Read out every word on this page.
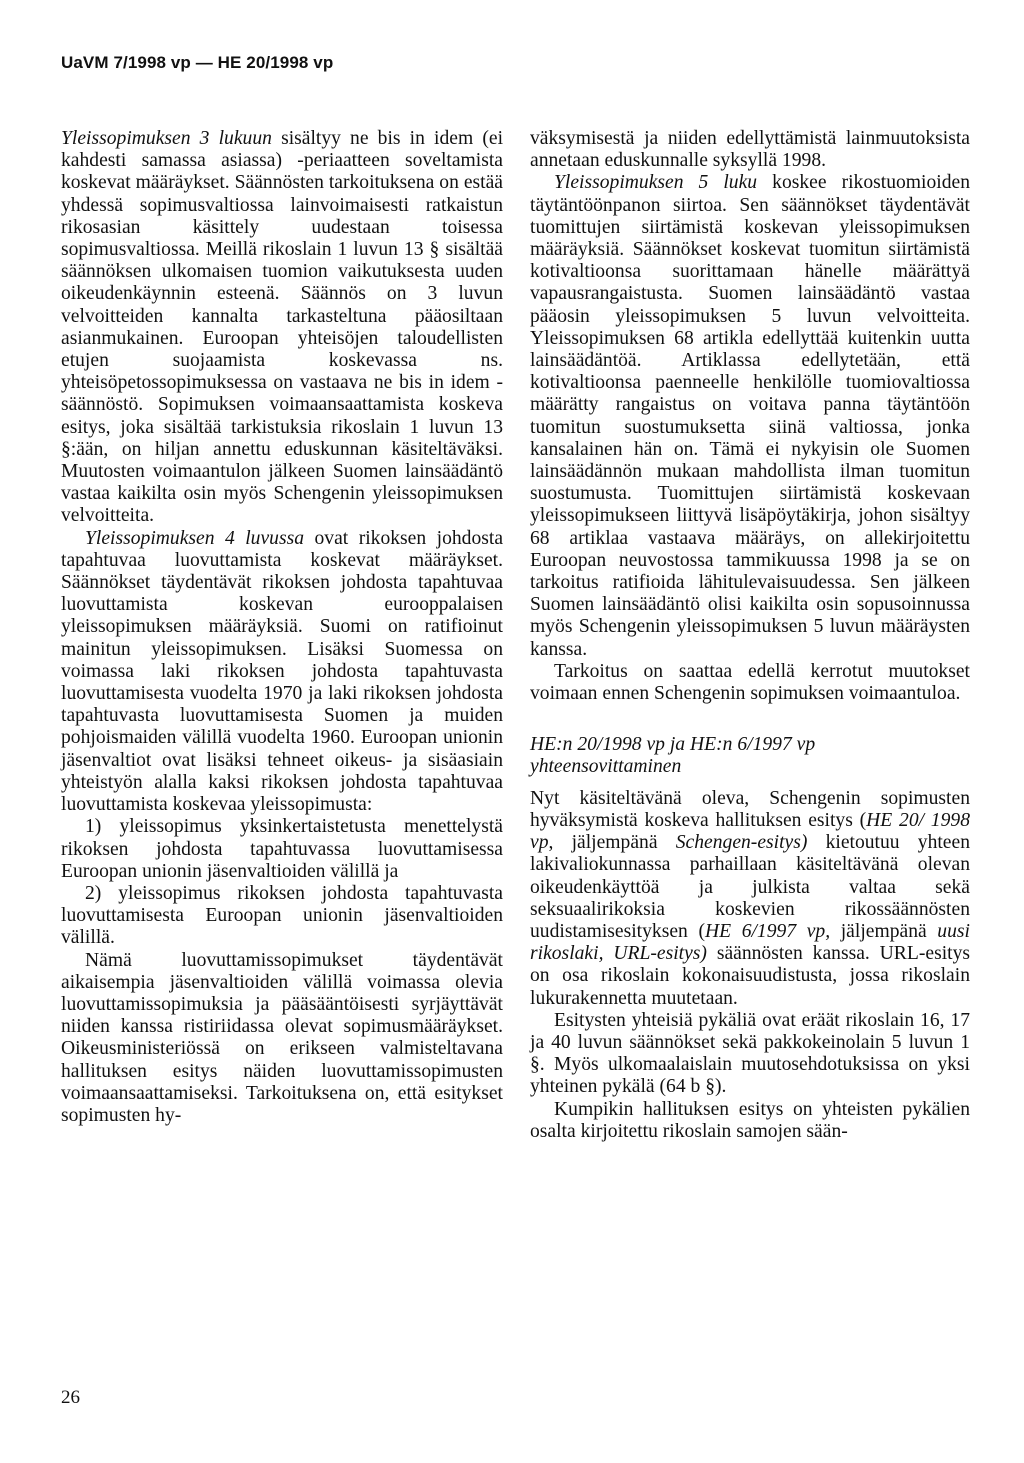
UaVM 7/1998 vp — HE 20/1998 vp

Yleissopimuksen 3 lukuun sisältyy ne bis in idem (ei kahdesti samassa asiassa) -periaatteen soveltamista koskevat määräykset. Säännösten tarkoituksena on estää yhdessä sopimusvaltiossa lainvoimaisesti ratkaistun rikosasian käsittely uudestaan toisessa sopimusvaltiossa. Meillä rikoslain 1 luvun 13 § sisältää säännöksen ulkomaisen tuomion vaikutuksesta uuden oikeudenkäynnin esteenä. Säännös on 3 luvun velvoitteiden kannalta tarkasteltuna pääosiltaan asianmukainen. Euroopan yhteisöjen taloudellisten etujen suojaamista koskevassa ns. yhteisöpetossopimuksessa on vastaava ne bis in idem -säännöstö. Sopimuksen voimaansaattamista koskeva esitys, joka sisältää tarkistuksia rikoslain 1 luvun 13 §:ään, on hiljan annettu eduskunnan käsiteltäväksi. Muutosten voimaantulon jälkeen Suomen lainsäädäntö vastaa kaikilta osin myös Schengenin yleissopimuksen velvoitteita.

Yleissopimuksen 4 luvussa ovat rikoksen johdosta tapahtuvaa luovuttamista koskevat määräykset. Säännökset täydentävät rikoksen johdosta tapahtuvaa luovuttamista koskevan eurooppalaisen yleissopimuksen määräyksiä. Suomi on ratifioinut mainitun yleissopimuksen. Lisäksi Suomessa on voimassa laki rikoksen johdosta tapahtuvasta luovuttamisesta vuodelta 1970 ja laki rikoksen johdosta tapahtuvasta luovuttamisesta Suomen ja muiden pohjoismaiden välillä vuodelta 1960. Euroopan unionin jäsenvaltiot ovat lisäksi tehneet oikeus- ja sisäasiain yhteistyön alalla kaksi rikoksen johdosta tapahtuvaa luovuttamista koskevaa yleissopimusta:

1) yleissopimus yksinkertaistetusta menettelystä rikoksen johdosta tapahtuvassa luovuttamisessa Euroopan unionin jäsenvaltioiden välillä ja

2) yleissopimus rikoksen johdosta tapahtuvasta luovuttamisesta Euroopan unionin jäsenvaltioiden välillä.

Nämä luovuttamissopimukset täydentävät aikaisempia jäsenvaltioiden välillä voimassa olevia luovuttamissopimuksia ja pääsääntöisesti syrjäyttävät niiden kanssa ristiriidassa olevat sopimusmääräykset. Oikeusministeriössä on erikseen valmisteltavana hallituksen esitys näiden luovuttamissopimusten voimaansaattamiseksi. Tarkoituksena on, että esitykset sopimusten hy-

väksymisestä ja niiden edellyttämistä lainmuutoksista annetaan eduskunnalle syksyllä 1998.

Yleissopimuksen 5 luku koskee rikostuomioiden täytäntöönpanon siirtoa. Sen säännökset täydentävät tuomittujen siirtämistä koskevan yleissopimuksen määräyksiä. Säännökset koskevat tuomitun siirtämistä kotivaltioonsa suorittamaan hänelle määrättyä vapausrangaistusta. Suomen lainsäädäntö vastaa pääosin yleissopimuksen 5 luvun velvoitteita. Yleissopimuksen 68 artikla edellyttää kuitenkin uutta lainsäädäntöä. Artiklassa edellytetään, että kotivaltioonsa paenneelle henkilölle tuomiovaltiossa määrätty rangaistus on voitava panna täytäntöön tuomitun suostumuksetta siinä valtiossa, jonka kansalainen hän on. Tämä ei nykyisin ole Suomen lainsäädännön mukaan mahdollista ilman tuomitun suostumusta. Tuomittujen siirtämistä koskevaan yleissopimukseen liittyvä lisäpöytäkirja, johon sisältyy 68 artiklaa vastaava määräys, on allekirjoitettu Euroopan neuvostossa tammikuussa 1998 ja se on tarkoitus ratifioida lähitulevaisuudessa. Sen jälkeen Suomen lainsäädäntö olisi kaikilta osin sopusoinnussa myös Schengenin yleissopimuksen 5 luvun määräysten kanssa.

Tarkoitus on saattaa edellä kerrotut muutokset voimaan ennen Schengenin sopimuksen voimaantuloa.

HE:n 20/1998 vp ja HE:n 6/1997 vp yhteensovittaminen

Nyt käsiteltävänä oleva, Schengenin sopimusten hyväksymistä koskeva hallituksen esitys (HE 20/ 1998 vp, jäljempänä Schengen-esitys) kietoutuu yhteen lakivaliokunnassa parhaillaan käsiteltävänä olevan oikeudenkäyttöä ja julkista valtaa sekä seksuaalirikoksia koskevien rikossäännösten uudistamisesityksen (HE 6/1997 vp, jäljempänä uusi rikoslaki, URL-esitys) säännösten kanssa. URL-esitys on osa rikoslain kokonaisuudistusta, jossa rikoslain lukurakennetta muutetaan.

Esitysten yhteisiä pykäliä ovat eräät rikoslain 16, 17 ja 40 luvun säännökset sekä pakkokeinolain 5 luvun 1 §. Myös ulkomaalaislain muutosehdotuksissa on yksi yhteinen pykälä (64 b §).

Kumpikin hallituksen esitys on yhteisten pykälien osalta kirjoitettu rikoslain samojen sään-

26
